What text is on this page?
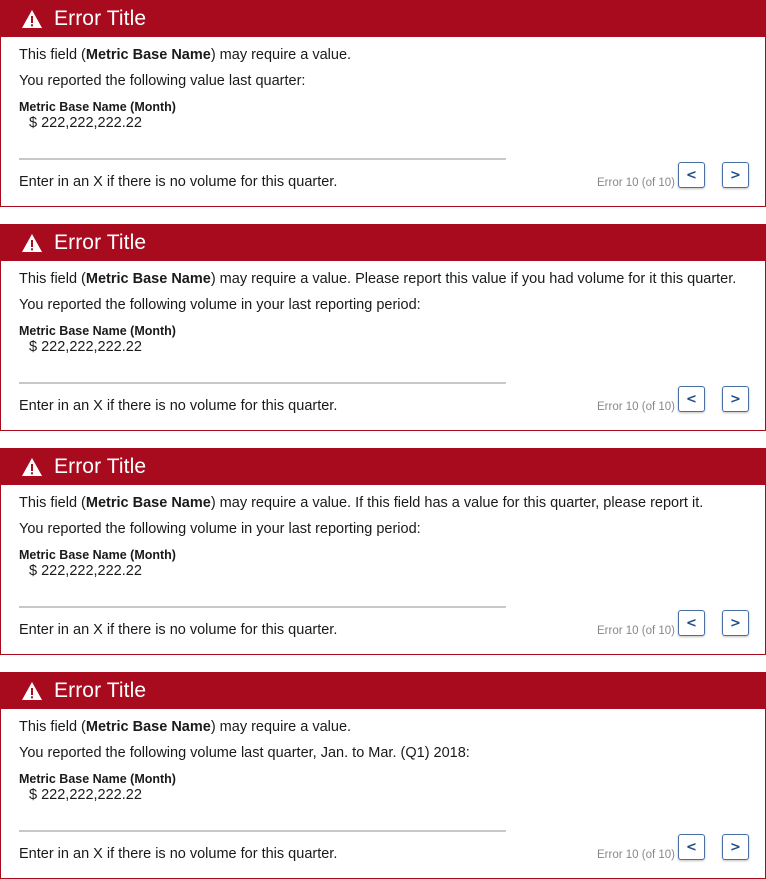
Error Title
This field (Metric Base Name) may require a value.
You reported the following value last quarter:
Metric Base Name (Month)
$ 222,222,222.22
Enter in an X if there is no volume for this quarter.	Error 10 (of 10)
<	>
Error Title
This field (Metric Base Name) may require a value. Please report this value if you had volume for it this quarter.
You reported the following volume in your last reporting period:
Metric Base Name (Month)
$ 222,222,222.22
Enter in an X if there is no volume for this quarter.	Error 10 (of 10)
<	>
Error Title
This field (Metric Base Name) may require a value. If this field has a value for this quarter, please report it.
You reported the following volume in your last reporting period:
Metric Base Name (Month)
$ 222,222,222.22
Enter in an X if there is no volume for this quarter.	Error 10 (of 10)
<	>
Error Title
This field (Metric Base Name) may require a value.
You reported the following volume last quarter, Jan. to Mar. (Q1) 2018:
Metric Base Name (Month)
$ 222,222,222.22
Enter in an X if there is no volume for this quarter.	Error 10 (of 10)
<	>
